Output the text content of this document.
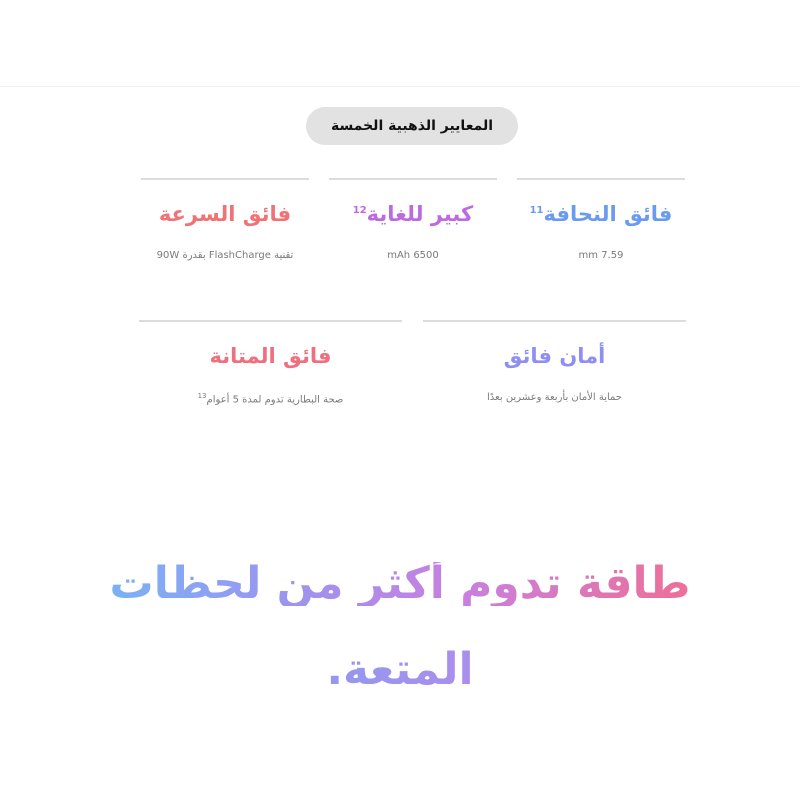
المعايير الذهبية الخمسة
فائق النحافة$^{11}$
mm 7.59
كبير للغاية$^{12}$
mAh 6500
فائق السرعة
تقنية FlashCharge بقدرة 90W
أمان فائق
حماية الأمان بأربعة وعشرين بعدًا
فائق المتانة
صحة البطارية تدوم لمدة 5 أعوام$^{13}$
طاقة تدوم أكثر من لحظات
المتعة.
